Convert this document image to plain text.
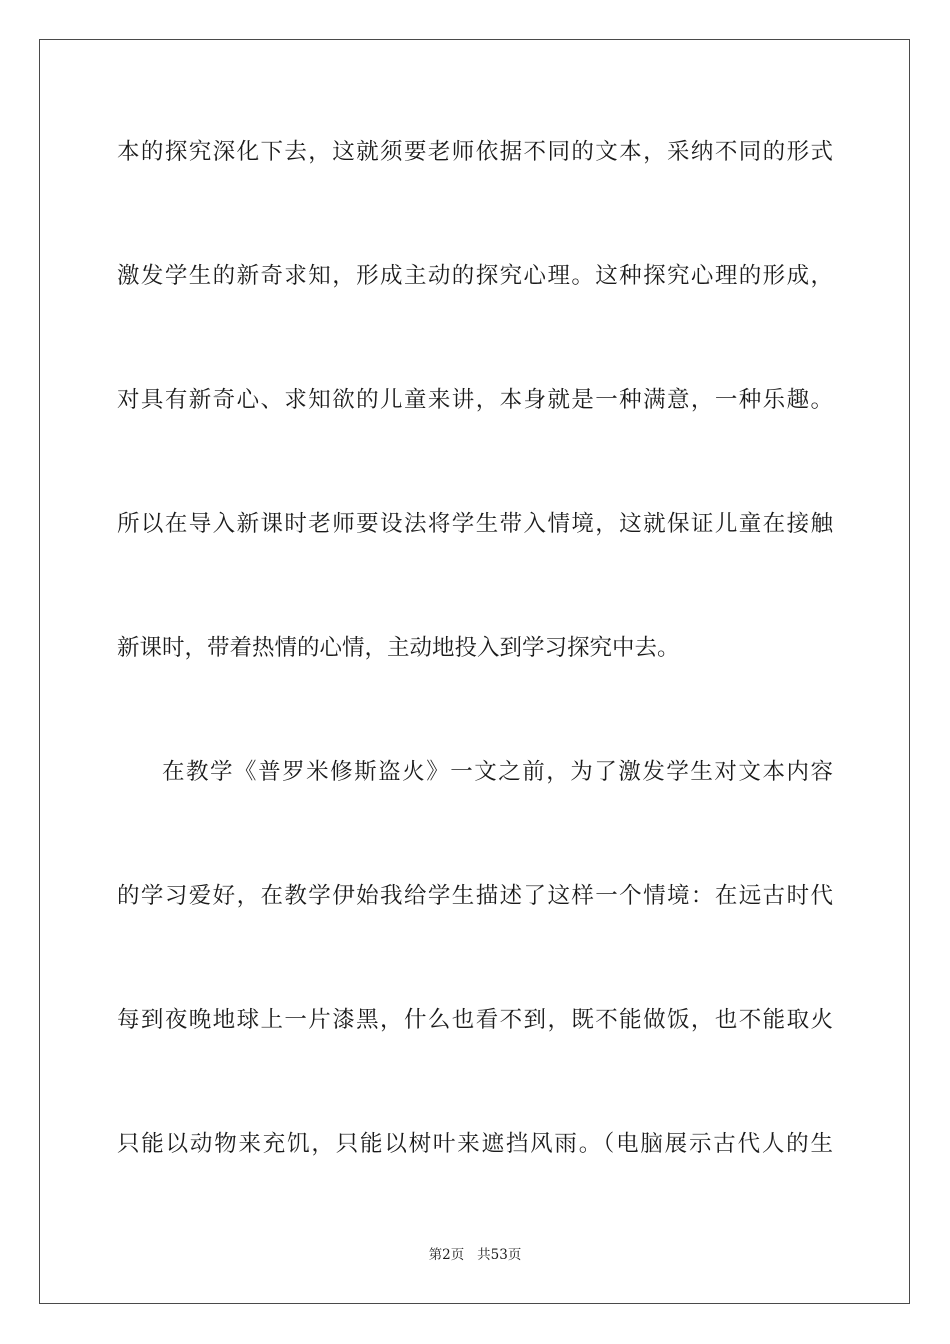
本的探究深化下去，这就须要老师依据不同的文本，采纳不同的形式
激发学生的新奇求知，形成主动的探究心理。这种探究心理的形成，
对具有新奇心、求知欲的儿童来讲，本身就是一种满意，一种乐趣。
所以在导入新课时老师要设法将学生带入情境，这就保证儿童在接触
新课时，带着热情的心情，主动地投入到学习探究中去。
在教学《普罗米修斯盗火》一文之前，为了激发学生对文本内容
的学习爱好，在教学伊始我给学生描述了这样一个情境：在远古时代
每到夜晚地球上一片漆黑，什么也看不到，既不能做饭，也不能取火
只能以动物来充饥，只能以树叶来遮挡风雨。（电脑展示古代人的生
第2页 共53页
